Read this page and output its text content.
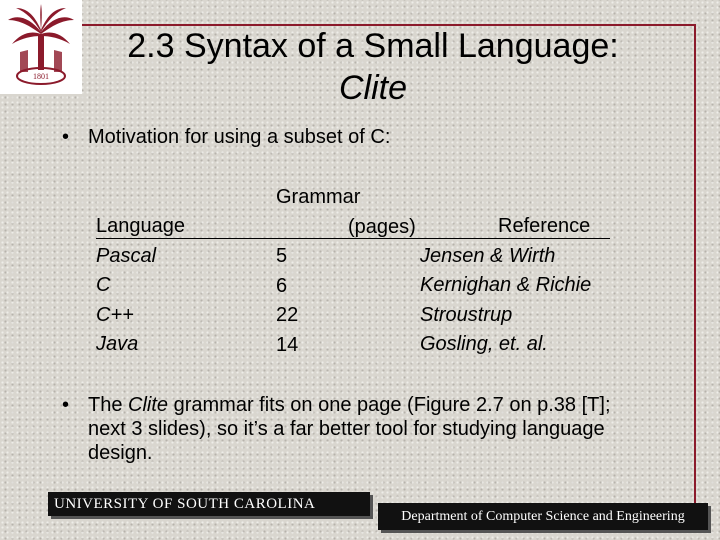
1801
2.3 Syntax of a Small Language:
Clite
• Motivation for using a subset of C:
Language
Pascal
C
C++
Java
Grammar
(pages)
5
6
22
14
Reference
Jensen & Wirth
Kernighan & Richie
Stroustrup
Gosling, et. al.
• The Clite grammar fits on one page (Figure 2.7 on p.38 [T]; next 3 slides), so it’s a far better tool for studying language design.
UNIVERSITY OF SOUTH CAROLINA
Department of Computer Science and Engineering
